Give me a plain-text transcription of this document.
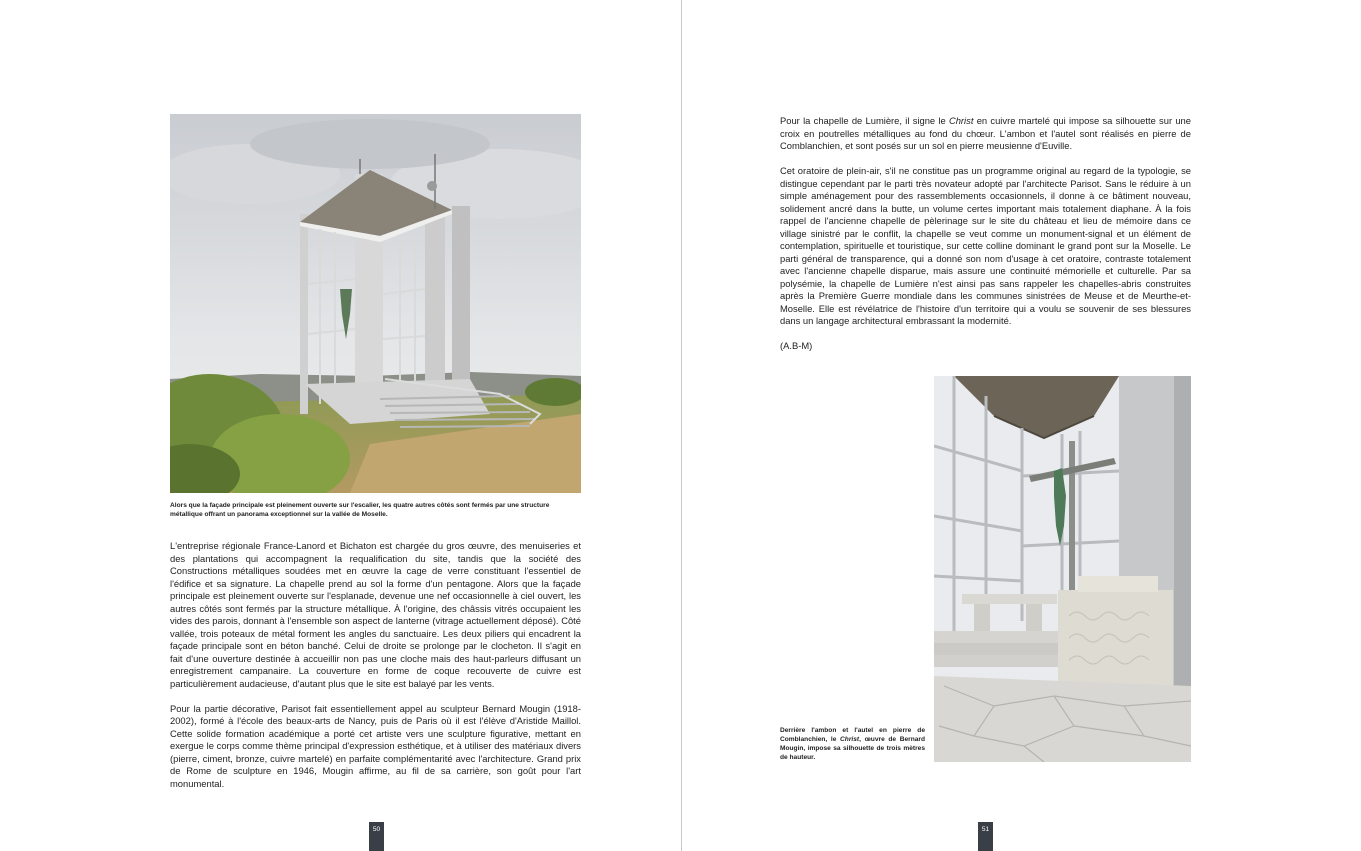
Alors que la façade principale est pleinement ouverte sur l'escalier, les quatre autres côtés sont fermés par une structure métallique offrant un panorama exceptionnel sur la vallée de Moselle.

L'entreprise régionale France-Lanord et Bichaton est chargée du gros œuvre, des menuiseries et des plantations qui accompagnent la requalification du site, tandis que la société des Constructions métalliques soudées met en œuvre la cage de verre constituant l'essentiel de l'édifice et sa signature. La chapelle prend au sol la forme d'un pentagone. Alors que la façade principale est pleinement ouverte sur l'esplanade, devenue une nef occasionnelle à ciel ouvert, les autres côtés sont fermés par la structure métallique. À l'origine, des châssis vitrés occupaient les vides des parois, donnant à l'ensemble son aspect de lanterne (vitrage actuellement déposé). Côté vallée, trois poteaux de métal forment les angles du sanctuaire. Les deux piliers qui encadrent la façade principale sont en béton banché. Celui de droite se prolonge par le clocheton. Il s'agit en fait d'une ouverture destinée à accueillir non pas une cloche mais des haut-parleurs diffusant un enregistrement campanaire. La couverture en forme de coque recouverte de cuivre est particulièrement audacieuse, d'autant plus que le site est balayé par les vents.

Pour la partie décorative, Parisot fait essentiellement appel au sculpteur Bernard Mougin (1918-2002), formé à l'école des beaux-arts de Nancy, puis de Paris où il est l'élève d'Aristide Maillol. Cette solide formation académique a porté cet artiste vers une sculpture figurative, mettant en exergue le corps comme thème principal d'expression esthétique, et à utiliser des matériaux divers (pierre, ciment, bronze, cuivre martelé) en parfaite complémentarité avec l'architecture. Grand prix de Rome de sculpture en 1946, Mougin affirme, au fil de sa carrière, son goût pour l'art monumental.

50

Pour la chapelle de Lumière, il signe le Christ en cuivre martelé qui impose sa silhouette sur une croix en poutrelles métalliques au fond du chœur. L'ambon et l'autel sont réalisés en pierre de Comblanchien, et sont posés sur un sol en pierre meusienne d'Euville.

Cet oratoire de plein-air, s'il ne constitue pas un programme original au regard de la typologie, se distingue cependant par le parti très novateur adopté par l'architecte Parisot. Sans le réduire à un simple aménagement pour des rassemblements occasionnels, il donne à ce bâtiment nouveau, solidement ancré dans la butte, un volume certes important mais totalement diaphane. À la fois rappel de l'ancienne chapelle de pèlerinage sur le site du château et lieu de mémoire dans ce village sinistré par le conflit, la chapelle se veut comme un monument-signal et un élément de contemplation, spirituelle et touristique, sur cette colline dominant le grand pont sur la Moselle. Le parti général de transparence, qui a donné son nom d'usage à cet oratoire, contraste totalement avec l'ancienne chapelle disparue, mais assure une continuité mémorielle et culturelle. Par sa polysémie, la chapelle de Lumière n'est ainsi pas sans rappeler les chapelles-abris construites après la Première Guerre mondiale dans les communes sinistrées de Meuse et de Meurthe-et-Moselle. Elle est révélatrice de l'histoire d'un territoire qui a voulu se souvenir de ses blessures dans un langage architectural embrassant la modernité.

(A.B-M)

Derrière l'ambon et l'autel en pierre de Comblanchien, le Christ, œuvre de Bernard Mougin, impose sa silhouette de trois mètres de hauteur.

51
